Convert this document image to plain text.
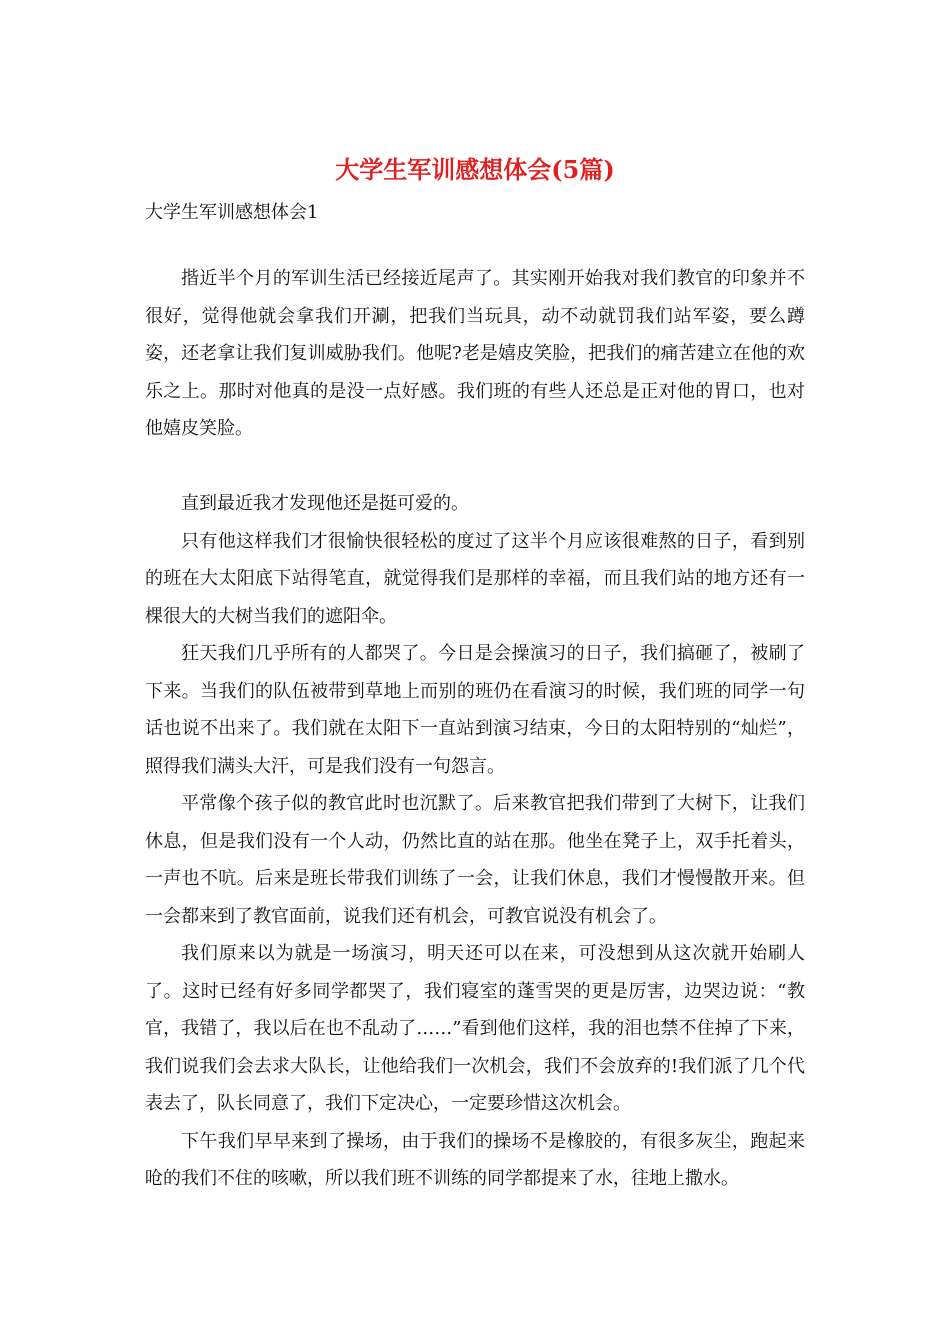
大学生军训感想体会(5篇)
大学生军训感想体会1

揩近半个月的军训生活已经接近尾声了。其实刚开始我对我们教官的印象并不很好，觉得他就会拿我们开涮，把我们当玩具，动不动就罚我们站军姿，要么蹲姿，还老拿让我们复训威胁我们。他呢?老是嬉皮笑脸，把我们的痛苦建立在他的欢乐之上。那时对他真的是没一点好感。我们班的有些人还总是正对他的胃口，也对他嬉皮笑脸。

直到最近我才发现他还是挺可爱的。

只有他这样我们才很愉快很轻松的度过了这半个月应该很难熬的日子，看到别的班在大太阳底下站得笔直，就觉得我们是那样的幸福，而且我们站的地方还有一棵很大的大树当我们的遮阳伞。

狂天我们几乎所有的人都哭了。今日是会操演习的日子，我们搞砸了，被刷了下来。当我们的队伍被带到草地上而别的班仍在看演习的时候，我们班的同学一句话也说不出来了。我们就在太阳下一直站到演习结束，今日的太阳特别的“灿烂”，照得我们满头大汗，可是我们没有一句怨言。

平常像个孩子似的教官此时也沉默了。后来教官把我们带到了大树下，让我们休息，但是我们没有一个人动，仍然比直的站在那。他坐在凳子上，双手托着头，一声也不吭。后来是班长带我们训练了一会，让我们休息，我们才慢慢散开来。但一会都来到了教官面前，说我们还有机会，可教官说没有机会了。

我们原来以为就是一场演习，明天还可以在来，可没想到从这次就开始刷人了。这时已经有好多同学都哭了，我们寝室的蓬雪哭的更是厉害，边哭边说：“教官，我错了，我以后在也不乱动了……”看到他们这样，我的泪也禁不住掉了下来，我们说我们会去求大队长，让他给我们一次机会，我们不会放弃的!我们派了几个代表去了，队长同意了，我们下定决心，一定要珍惜这次机会。

下午我们早早来到了操场，由于我们的操场不是橡胶的，有很多灰尘，跑起来呛的我们不住的咳嗽，所以我们班不训练的同学都提来了水，往地上撒水。
